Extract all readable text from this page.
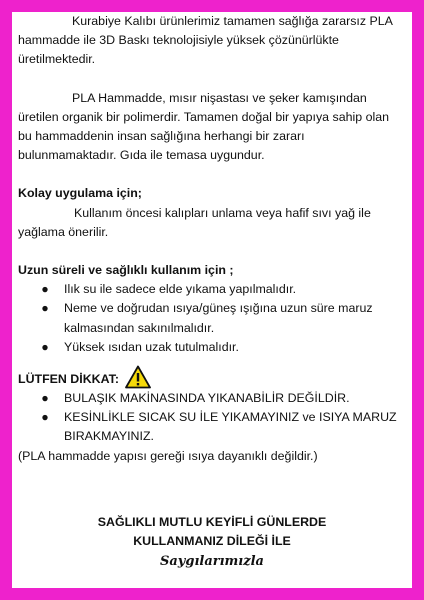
Kurabiye Kalıbı ürünlerimiz tamamen sağlığa zararsız PLA hammadde ile 3D Baskı teknolojisiyle yüksek çözünürlükte üretilmektedir.

PLA Hammadde, mısır nişastası ve şeker kamışından üretilen organik bir polimerdir. Tamamen doğal bir yapıya sahip olan bu hammaddenin insan sağlığına herhangi bir zararı bulunmamaktadır. Gıda ile temasa uygundur.

Kolay uygulama için;

Kullanım öncesi kalıpları unlama veya hafif sıvı yağ ile yağlama önerilir.

Uzun süreli ve sağlıklı kullanım için ;

●	Ilık su ile sadece elde yıkama yapılmalıdır.
●	Neme ve doğrudan ısıya/güneş ışığına uzun süre maruz kalmasından sakınılmalıdır.
●	Yüksek ısıdan uzak tutulmalıdır.
LÜTFEN DİKKAT:
●	BULAŞIK MAKİNASINDA YIKANABİLİR DEĞİLDİR.
●	KESİNLİKLE SICAK SU İLE YIKAMAYINIZ ve ISIYA MARUZ BIRAKMAYINIZ.

(PLA hammadde yapısı gereği ısıya dayanıklı değildir.)

SAĞLIKLI MUTLU KEYİFLİ GÜNLERDE
KULLANMANIZ DİLEĞİ İLE
Saygılarımızla
